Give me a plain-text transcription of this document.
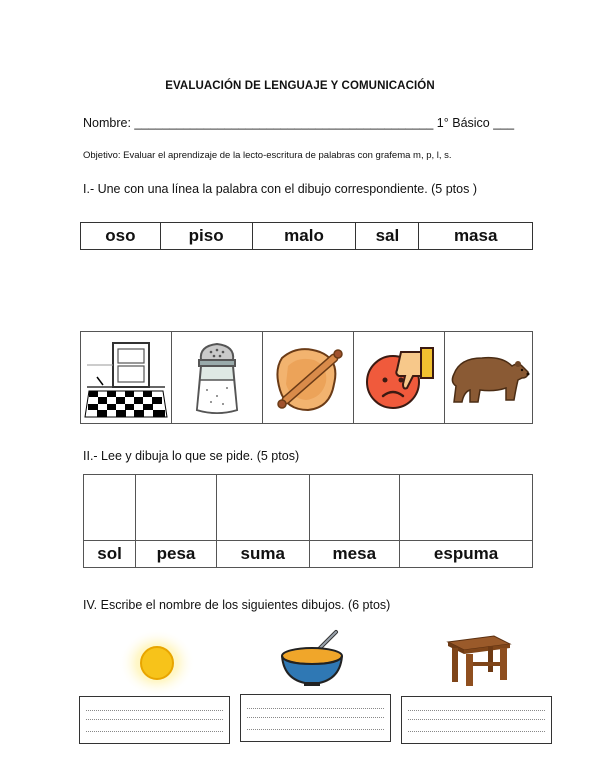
EVALUACIÓN DE LENGUAJE Y COMUNICACIÓN
Nombre: ___________________________________________ 1° Básico ___
Objetivo: Evaluar el aprendizaje de la lecto-escritura de palabras con grafema m, p, l, s.
I.- Une con una línea la palabra con el dibujo correspondiente. (5 ptos )
oso	piso	malo	sal	masa

II.- Lee y dibuja lo que se pide. (5 ptos)

sol	pesa	suma	mesa	espuma
IV. Escribe el nombre de los siguientes dibujos. (6 ptos)
